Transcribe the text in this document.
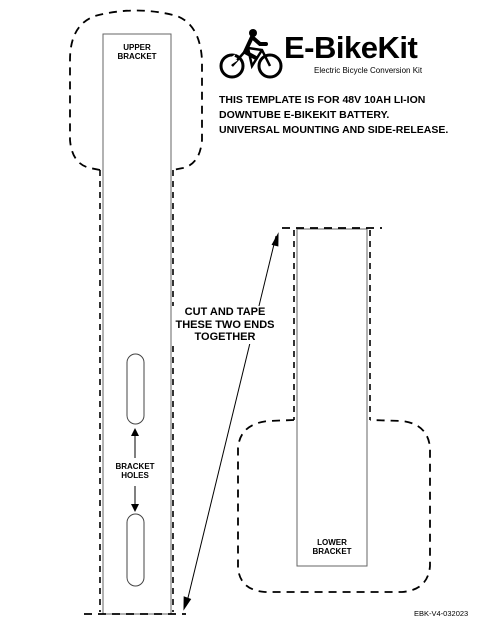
E-BikeKit
Electric Bicycle Conversion Kit
THIS TEMPLATE IS FOR 48V 10AH LI-ION
DOWNTUBE E-BIKEKIT BATTERY.
UNIVERSAL MOUNTING AND SIDE-RELEASE.
UPPER
BRACKET
BRACKET
HOLES
CUT AND TAPE
THESE TWO ENDS
TOGETHER
LOWER
BRACKET
EBK-V4-032023
